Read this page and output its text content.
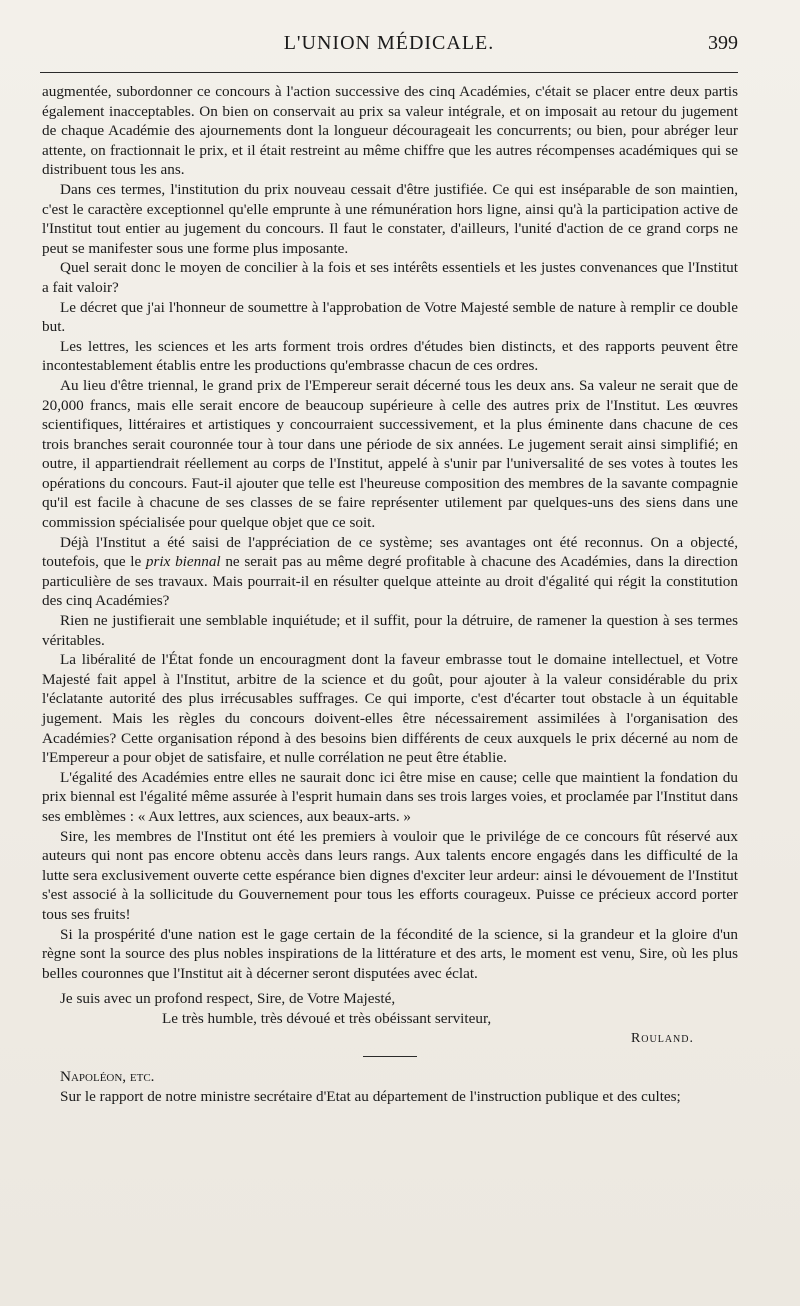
L'UNION MÉDICALE.	399

augmentée, subordonner ce concours à l'action successive des cinq Académies, c'était se placer entre deux partis également inacceptables. On bien on conservait au prix sa valeur intégrale, et on imposait au retour du jugement de chaque Académie des ajournements dont la longueur décourageait les concurrents; ou bien, pour abréger leur attente, on fractionnait le prix, et il était restreint au même chiffre que les autres récompenses académiques qui se distribuent tous les ans.

Dans ces termes, l'institution du prix nouveau cessait d'être justifiée. Ce qui est inséparable de son maintien, c'est le caractère exceptionnel qu'elle emprunte à une rémunération hors ligne, ainsi qu'à la participation active de l'Institut tout entier au jugement du concours. Il faut le constater, d'ailleurs, l'unité d'action de ce grand corps ne peut se manifester sous une forme plus imposante.

Quel serait donc le moyen de concilier à la fois et ses intérêts essentiels et les justes convenances que l'Institut a fait valoir?

Le décret que j'ai l'honneur de soumettre à l'approbation de Votre Majesté semble de nature à remplir ce double but.

Les lettres, les sciences et les arts forment trois ordres d'études bien distincts, et des rapports peuvent être incontestablement établis entre les productions qu'embrasse chacun de ces ordres.

Au lieu d'être triennal, le grand prix de l'Empereur serait décerné tous les deux ans. Sa valeur ne serait que de 20,000 francs, mais elle serait encore de beaucoup supérieure à celle des autres prix de l'Institut. Les œuvres scientifiques, littéraires et artistiques y concourraient successivement, et la plus éminente dans chacune de ces trois branches serait couronnée tour à tour dans une période de six années. Le jugement serait ainsi simplifié; en outre, il appartiendrait réellement au corps de l'Institut, appelé à s'unir par l'universalité de ses votes à toutes les opérations du concours. Faut-il ajouter que telle est l'heureuse composition des membres de la savante compagnie qu'il est facile à chacune de ses classes de se faire représenter utilement par quelques-uns des siens dans une commission spécialisée pour quelque objet que ce soit.

Déjà l'Institut a été saisi de l'appréciation de ce système; ses avantages ont été reconnus. On a objecté, toutefois, que le prix biennal ne serait pas au même degré profitable à chacune des Académies, dans la direction particulière de ses travaux. Mais pourrait-il en résulter quelque atteinte au droit d'égalité qui régit la constitution des cinq Académies?

Rien ne justifierait une semblable inquiétude; et il suffit, pour la détruire, de ramener la question à ses termes véritables.

La libéralité de l'État fonde un encouragment dont la faveur embrasse tout le domaine intellectuel, et Votre Majesté fait appel à l'Institut, arbitre de la science et du goût, pour ajouter à la valeur considérable du prix l'éclatante autorité des plus irrécusables suffrages. Ce qui importe, c'est d'écarter tout obstacle à un équitable jugement. Mais les règles du concours doivent-elles être nécessairement assimilées à l'organisation des Académies? Cette organisation répond à des besoins bien différents de ceux auxquels le prix décerné au nom de l'Empereur a pour objet de satisfaire, et nulle corrélation ne peut être établie.

L'égalité des Académies entre elles ne saurait donc ici être mise en cause; celle que maintient la fondation du prix biennal est l'égalité même assurée à l'esprit humain dans ses trois larges voies, et proclamée par l'Institut dans ses emblèmes : « Aux lettres, aux sciences, aux beaux-arts. »

Sire, les membres de l'Institut ont été les premiers à vouloir que le privilége de ce concours fût réservé aux auteurs qui nont pas encore obtenu accès dans leurs rangs. Aux talents encore engagés dans les difficulté de la lutte sera exclusivement ouverte cette espérance bien dignes d'exciter leur ardeur: ainsi le dévouement de l'Institut s'est associé à la sollicitude du Gouvernement pour tous les efforts courageux. Puisse ce précieux accord porter tous ses fruits!

Si la prospérité d'une nation est le gage certain de la fécondité de la science, si la grandeur et la gloire d'un règne sont la source des plus nobles inspirations de la littérature et des arts, le moment est venu, Sire, où les plus belles couronnes que l'Institut ait à décerner seront disputées avec éclat.

Je suis avec un profond respect, Sire, de Votre Majesté,

Le très humble, très dévoué et très obéissant serviteur,

Rouland.

Napoléon, etc.

Sur le rapport de notre ministre secrétaire d'Etat au département de l'instruction publique et des cultes;
